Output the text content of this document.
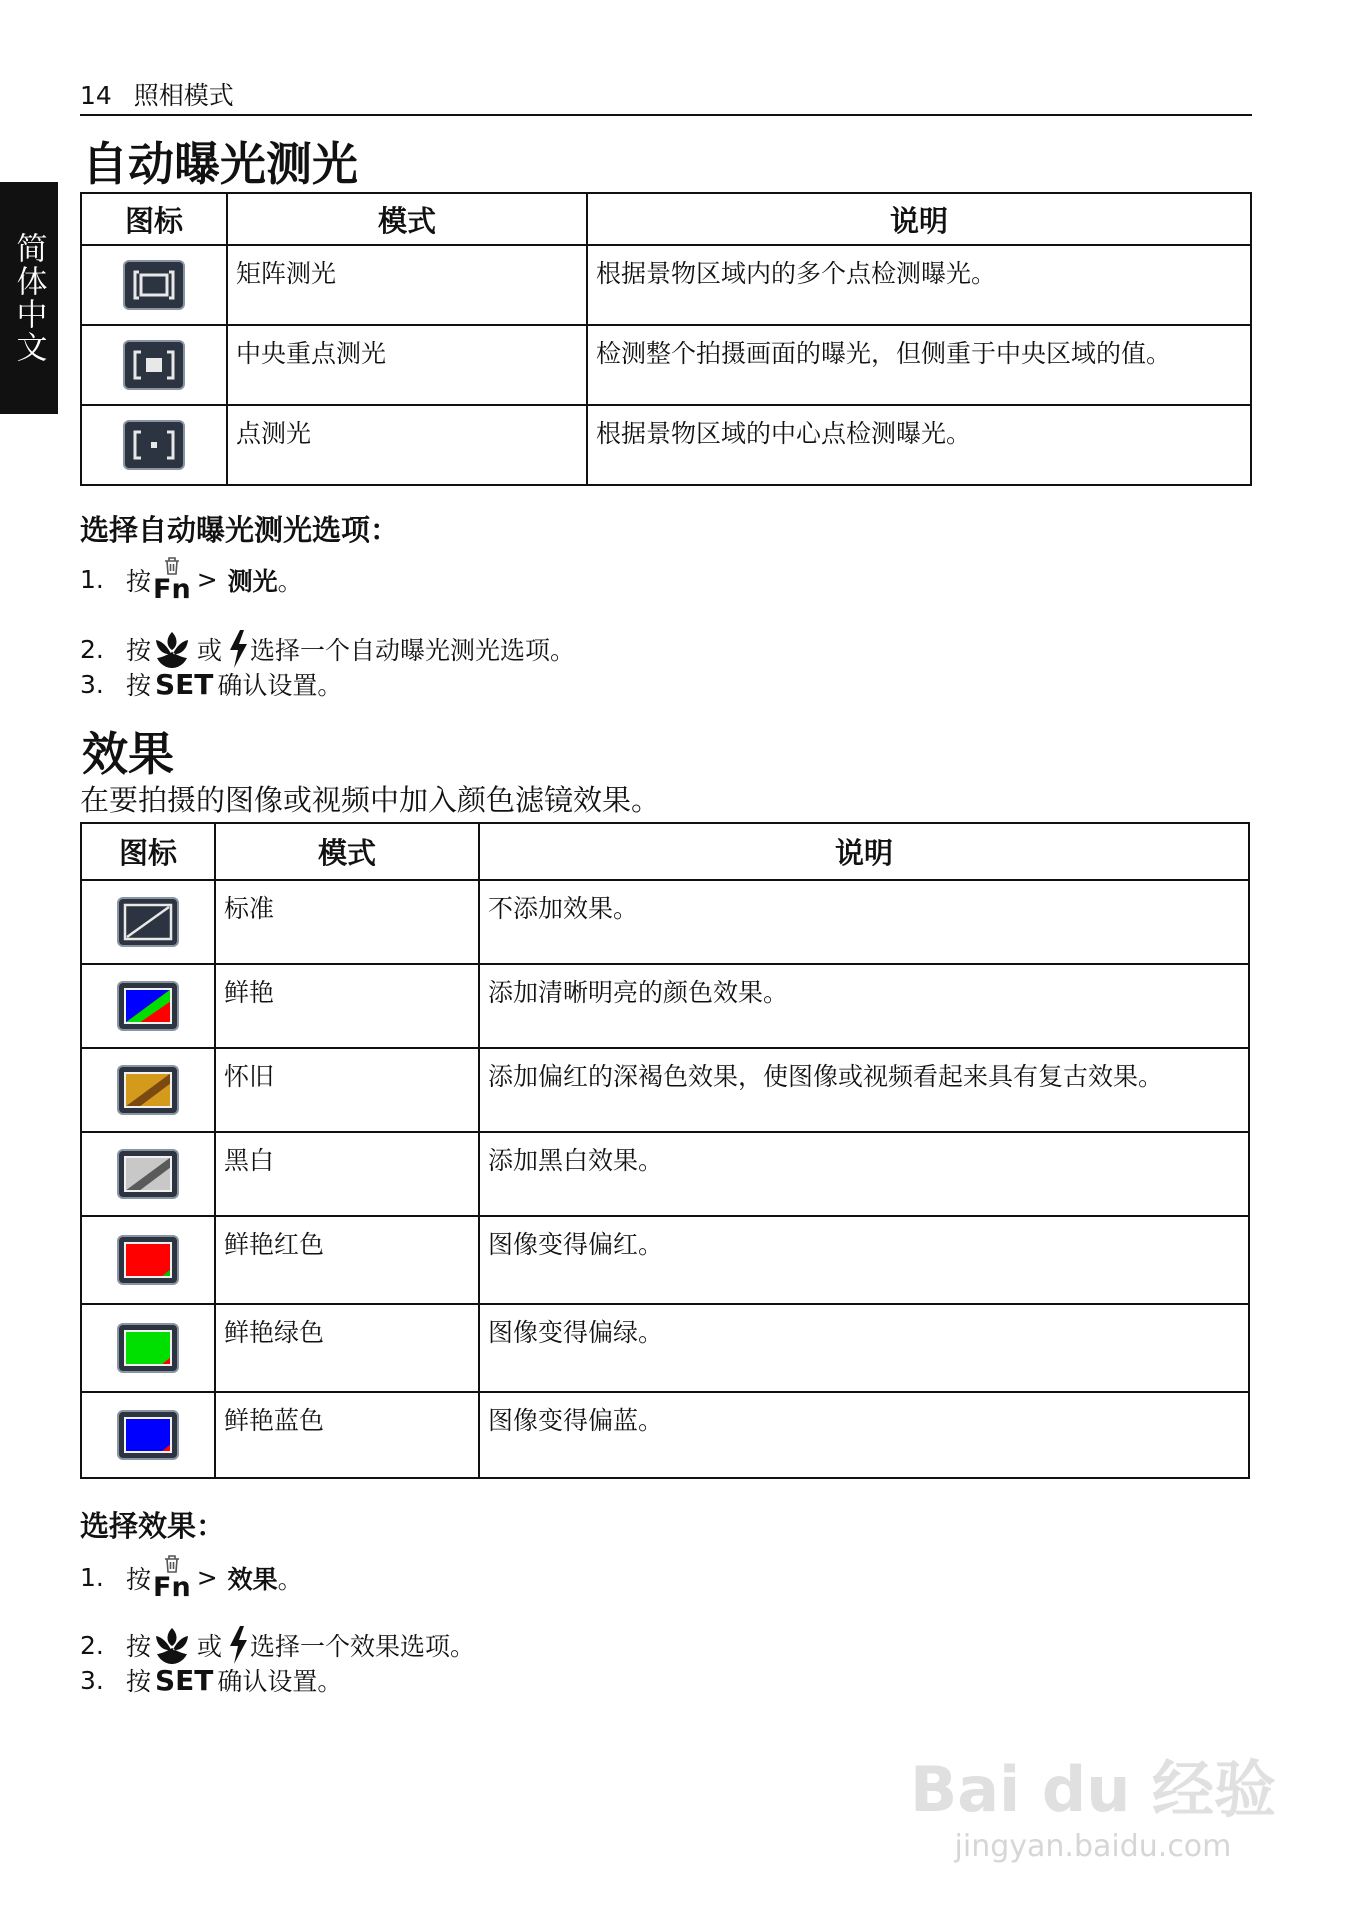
14 照相模式
简体中文
自动曝光测光
图标	模式	说明

	矩阵测光	根据景物区域内的多个点检测曝光。

	中央重点测光	检测整个拍摄画面的曝光，但侧重于中央区域的值。

	点测光	根据景物区域的中心点检测曝光。
选择自动曝光测光选项：
1. 按 Fn > 测光 。
2. 按 或 选择一个自动曝光测光选项。
3. 按 SET 确认设置。
效果
在要拍摄的图像或视频中加入颜色滤镜效果。
图标	模式	说明

	标准	不添加效果。

	鲜艳	添加清晰明亮的颜色效果。

	怀旧	添加偏红的深褐色效果，使图像或视频看起来具有复古效果。

	黑白	添加黑白效果。

	鲜艳红色	图像变得偏红。

	鲜艳绿色	图像变得偏绿。

	鲜艳蓝色	图像变得偏蓝。
选择效果：
1. 按 Fn > 效果 。
2. 按 或 选择一个效果选项。
3. 按 SET 确认设置。
Bai du 经验
jingyan.baidu.com
